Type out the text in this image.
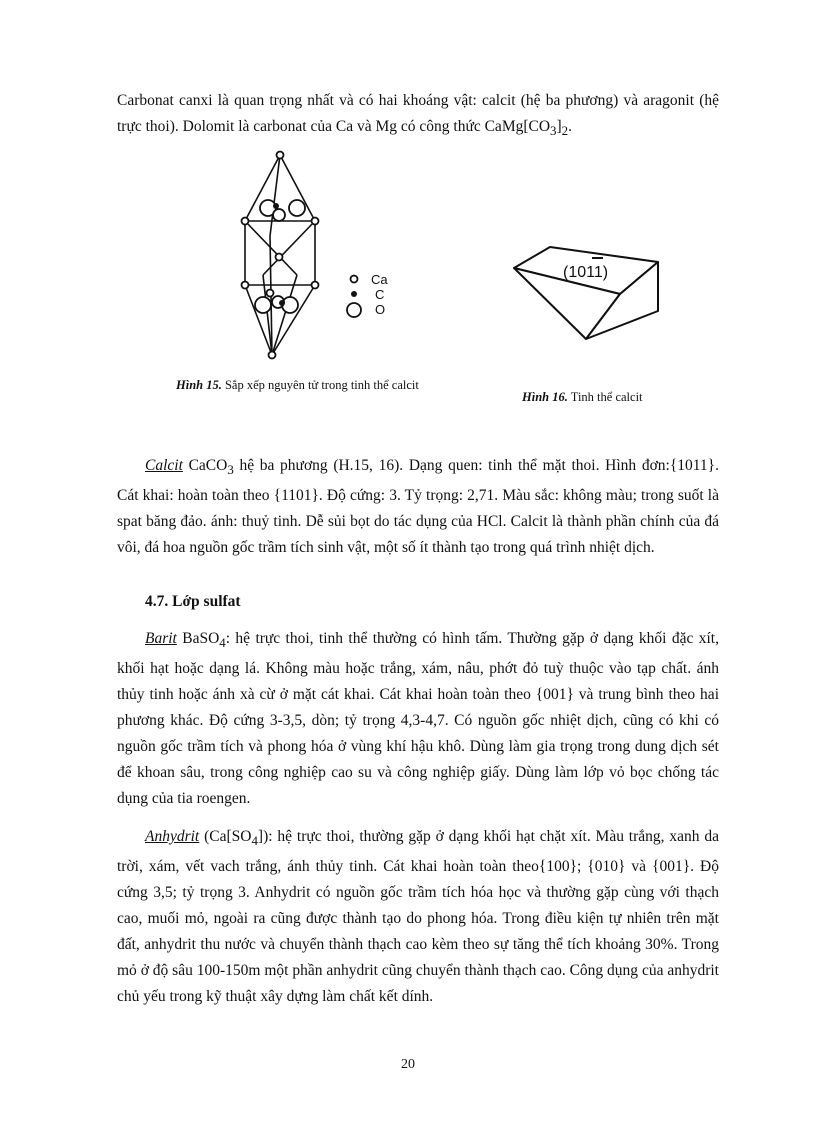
Carbonat canxi là quan trọng nhất và có hai khoáng vật: calcit (hệ ba phương) và aragonit (hệ trực thoi). Dolomit là carbonat của Ca và Mg có công thức $CaMg[CO_3]_2$.

Ca
C
O

Hình 15. Sắp xếp nguyên tử trong tinh thể calcit

(1011)

Hình 16. Tinh thể calcit

Calcit CaCO$_3$ hệ ba phương (H.15, 16). Dạng quen: tinh thể mặt thoi. Hình đơn:{1011}. Cát khai: hoàn toàn theo {1101}. Độ cứng: 3. Tỷ trọng: 2,71. Màu sắc: không màu; trong suốt là spat băng đảo. ánh: thuỷ tinh. Dễ sủi bọt do tác dụng của HCl. Calcit là thành phần chính của đá vôi, đá hoa nguồn gốc trầm tích sinh vật, một số ít thành tạo trong quá trình nhiệt dịch.

4.7. Lớp sulfat

Barit BaSO$_4$: hệ trực thoi, tinh thể thường có hình tấm. Thường gặp ở dạng khối đặc xít, khối hạt hoặc dạng lá. Không màu hoặc trắng, xám, nâu, phớt đỏ tuỳ thuộc vào tạp chất. ánh thủy tinh hoặc ánh xà cừ ở mặt cát khai. Cát khai hoàn toàn theo {001} và trung bình theo hai phương khác. Độ cứng 3-3,5, dòn; tỷ trọng 4,3-4,7. Có nguồn gốc nhiệt dịch, cũng có khi có nguồn gốc trầm tích và phong hóa ở vùng khí hậu khô. Dùng làm gia trọng trong dung dịch sét để khoan sâu, trong công nghiệp cao su và công nghiệp giấy. Dùng làm lớp vỏ bọc chống tác dụng của tia roengen.

Anhydrit $(Ca[SO_4])$: hệ trực thoi, thường gặp ở dạng khối hạt chặt xít. Màu trắng, xanh da trời, xám, vết vach trắng, ánh thủy tinh. Cát khai hoàn toàn theo{100}; {010} và {001}. Độ cứng 3,5; tỷ trọng 3. Anhydrit có nguồn gốc trầm tích hóa học và thường gặp cùng với thạch cao, muối mỏ, ngoài ra cũng được thành tạo do phong hóa. Trong điều kiện tự nhiên trên mặt đất, anhydrit thu nước và chuyển thành thạch cao kèm theo sự tăng thể tích khoảng 30%. Trong mỏ ở độ sâu 100-150m một phần anhydrit cũng chuyển thành thạch cao. Công dụng của anhydrit chủ yếu trong kỹ thuật xây dựng làm chất kết dính.

20
